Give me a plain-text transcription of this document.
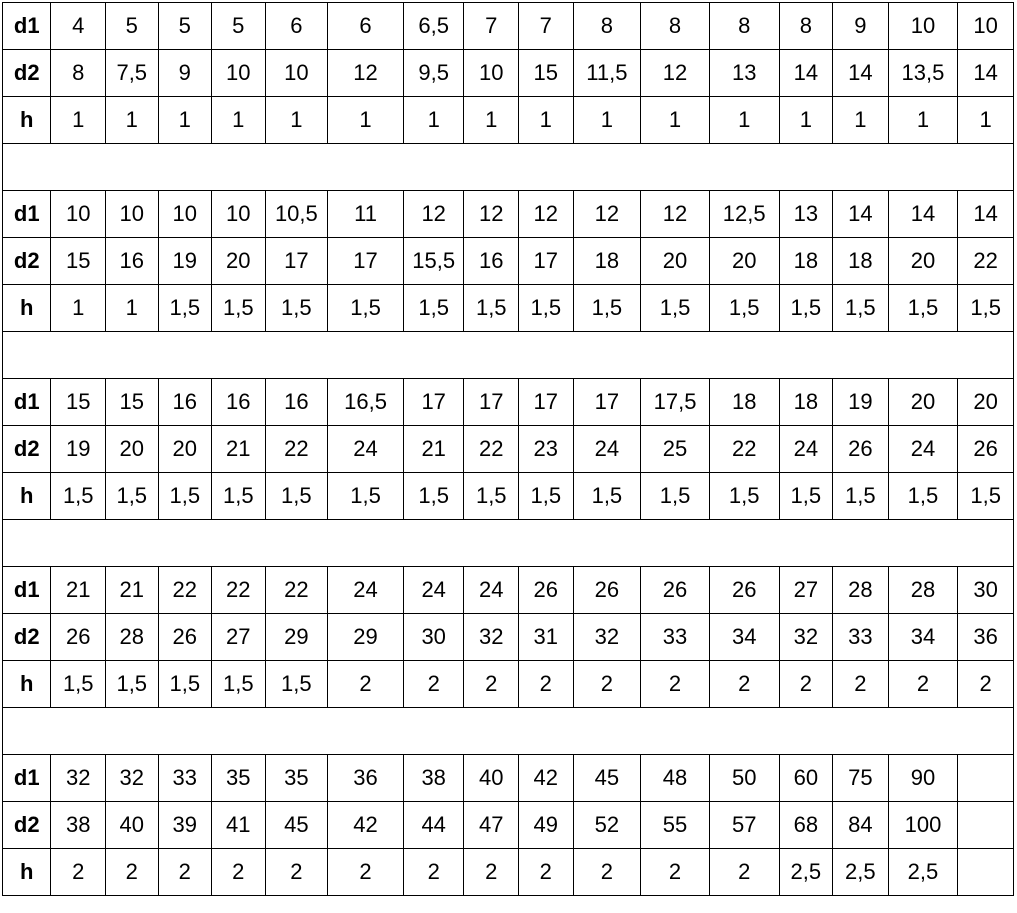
d1	4	5	5	5	6	6	6,5	7	7	8	8	8	8	9	10	10
d2	8	7,5	9	10	10	12	9,5	10	15	11,5	12	13	14	14	13,5	14
h	1	1	1	1	1	1	1	1	1	1	1	1	1	1	1	1

d1	10	10	10	10	10,5	11	12	12	12	12	12	12,5	13	14	14	14
d2	15	16	19	20	17	17	15,5	16	17	18	20	20	18	18	20	22
h	1	1	1,5	1,5	1,5	1,5	1,5	1,5	1,5	1,5	1,5	1,5	1,5	1,5	1,5	1,5

d1	15	15	16	16	16	16,5	17	17	17	17	17,5	18	18	19	20	20
d2	19	20	20	21	22	24	21	22	23	24	25	22	24	26	24	26
h	1,5	1,5	1,5	1,5	1,5	1,5	1,5	1,5	1,5	1,5	1,5	1,5	1,5	1,5	1,5	1,5

d1	21	21	22	22	22	24	24	24	26	26	26	26	27	28	28	30
d2	26	28	26	27	29	29	30	32	31	32	33	34	32	33	34	36
h	1,5	1,5	1,5	1,5	1,5	2	2	2	2	2	2	2	2	2	2	2

d1	32	32	33	35	35	36	38	40	42	45	48	50	60	75	90	
d2	38	40	39	41	45	42	44	47	49	52	55	57	68	84	100	
h	2	2	2	2	2	2	2	2	2	2	2	2	2,5	2,5	2,5	
